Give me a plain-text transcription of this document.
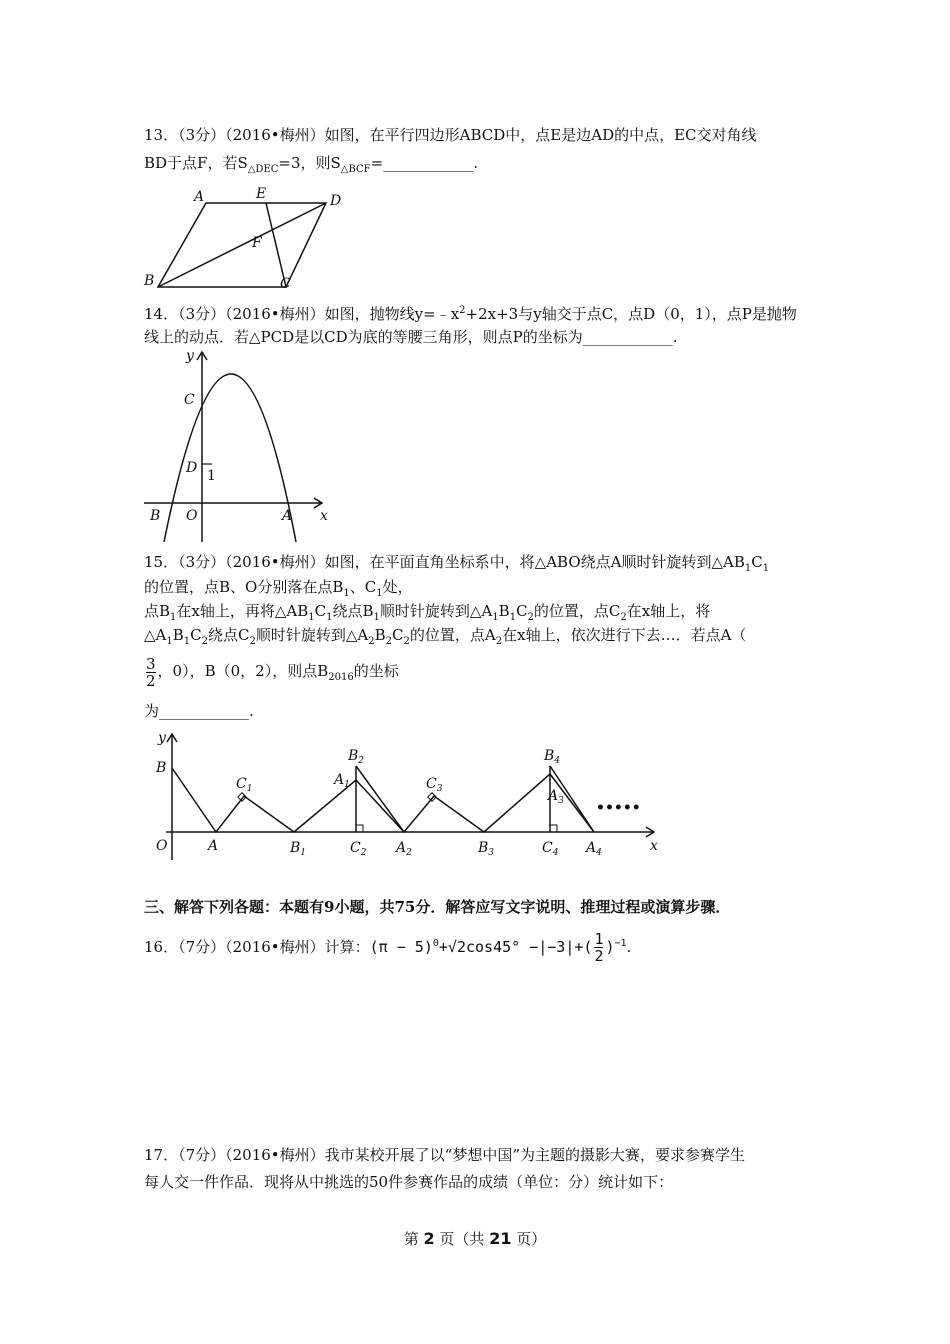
13．（3分）（2016•梅州）如图，在平行四边形ABCD中，点E是边AD的中点，EC交对角线
BD于点F，若$S_{\triangle DEC}=3$，则$S_{\triangle BCF}=\_\_\_\_\_\_\_\_\_\_\_\_$.
A	E	D
F
B	C
14．（3分）（2016•梅州）如图，抛物线$y=﹣x^2+2x+3$与y轴交于点C，点D（0，1），点P是抛物
线上的动点．若△PCD是以CD为底的等腰三角形，则点P的坐标为____________.
y
C
D 1
B O	A x
15．（3分）（2016•梅州）如图，在平面直角坐标系中，将△ABO绕点A顺时针旋转到$\triangle AB_1C_1$
的位置，点B、O分别落在点$B_1$、$C_1$处，
点$B_1$在x轴上，再将$\triangle AB_1C_1$绕点$B_1$顺时针旋转到$\triangle A_1B_1C_2$的位置，点$C_2$在x轴上，将
$\triangle A_1B_1C_2$绕点$C_2$顺时针旋转到$\triangle A_2B_2C_2$的位置，点$A_2$在x轴上，依次进行下去…．若点A（
$\frac{3}{2}$ ，0），B（0，2），则点$B_{2016}$的坐标
为____________.
y
B
$C_1$
$A_1$
$B_2$
$C_3$
$B_4$
$A_3$ •••••
O	A	$B_1$	$C_2$ $A_2$	$B_3$	$C_4$ $A_4$	x
三、解答下列各题：本题有9小题，共75分．解答应写文字说明、推理过程或演算步骤．
16．（7分）（2016•梅州）计算：$(\pi - 5)^0+√2\cos 45^\circ -|-3|+( \frac{1}{2} )^{-1}$.
17．（7分）（2016•梅州）我市某校开展了以“梦想中国”为主题的摄影大赛，要求参赛学生
每人交一件作品．现将从中挑选的50件参赛作品的成绩（单位：分）统计如下：
第 2 页（共 21 页）
